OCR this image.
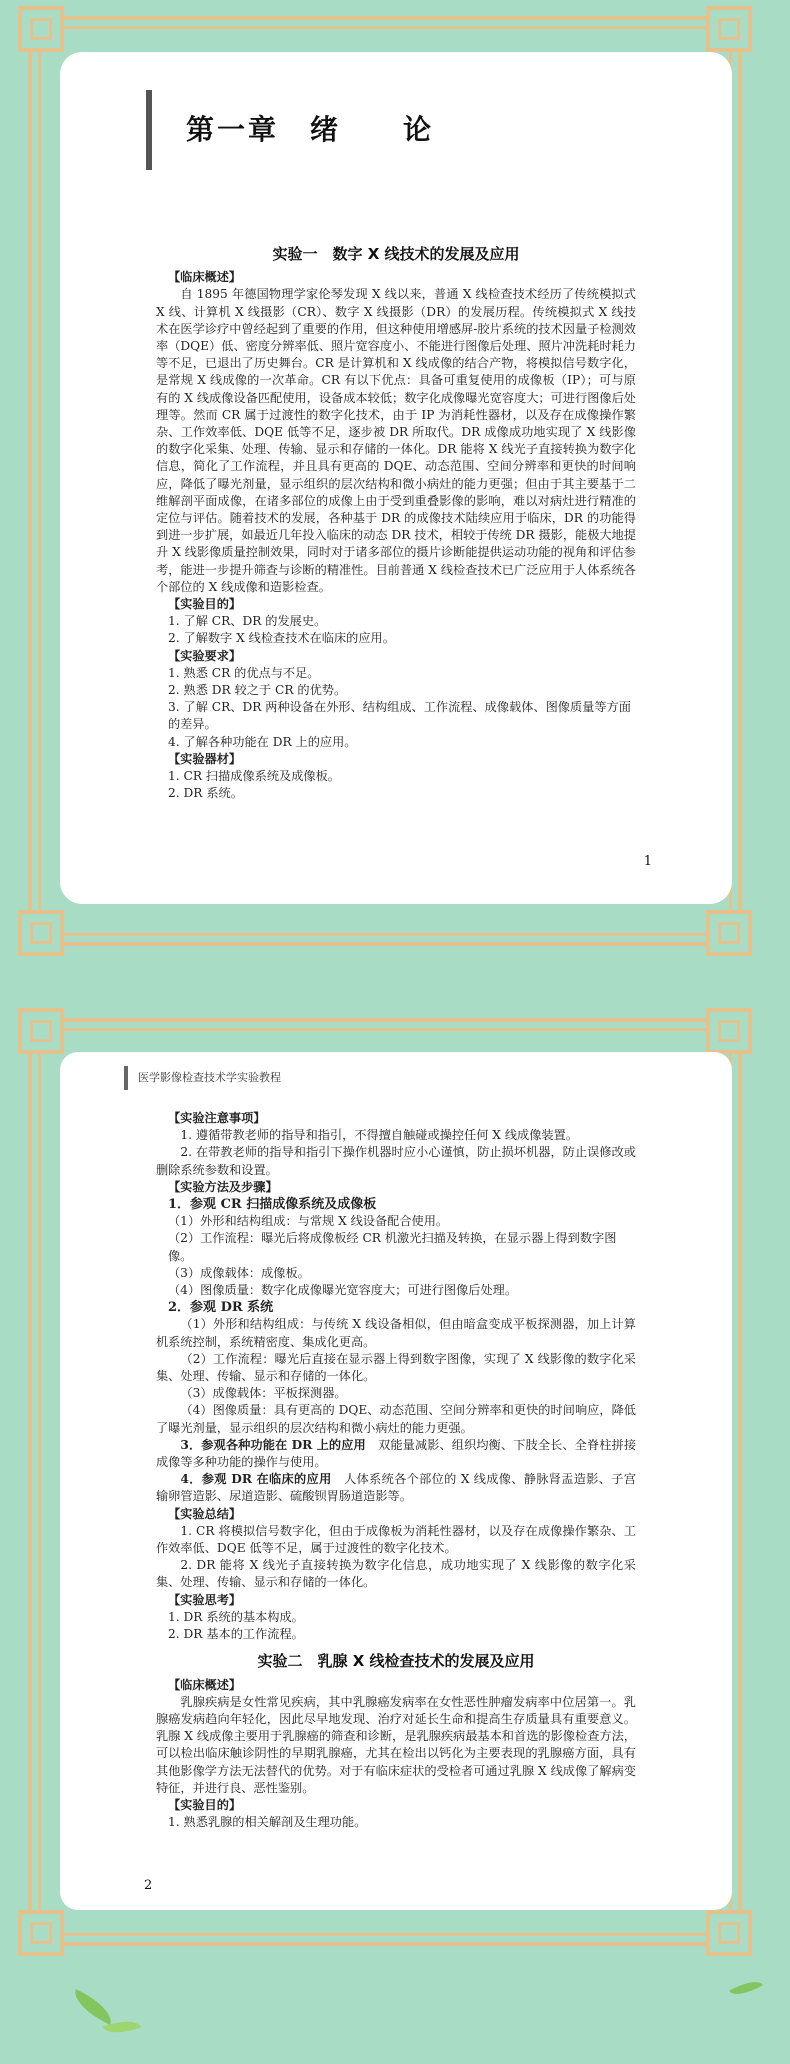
第一章　绪　　论
实验一　数字 X 线技术的发展及应用
【临床概述】
自 1895 年德国物理学家伦琴发现 X 线以来，普通 X 线检查技术经历了传统模拟式 X 线、计算机 X 线摄影（CR）、数字 X 线摄影（DR）的发展历程。传统模拟式 X 线技术在医学诊疗中曾经起到了重要的作用，但这种使用增感屏-胶片系统的技术因量子检测效率（DQE）低、密度分辨率低、照片宽容度小、不能进行图像后处理、照片冲洗耗时耗力等不足，已退出了历史舞台。CR 是计算机和 X 线成像的结合产物，将模拟信号数字化，是常规 X 线成像的一次革命。CR 有以下优点：具备可重复使用的成像板（IP）；可与原有的 X 线成像设备匹配使用，设备成本较低；数字化成像曝光宽容度大；可进行图像后处理等。然而 CR 属于过渡性的数字化技术，由于 IP 为消耗性器材，以及存在成像操作繁杂、工作效率低、DQE 低等不足，逐步被 DR 所取代。DR 成像成功地实现了 X 线影像的数字化采集、处理、传输、显示和存储的一体化。DR 能将 X 线光子直接转换为数字化信息，简化了工作流程，并且具有更高的 DQE、动态范围、空间分辨率和更快的时间响应，降低了曝光剂量，显示组织的层次结构和微小病灶的能力更强；但由于其主要基于二维解剖平面成像，在诸多部位的成像上由于受到重叠影像的影响，难以对病灶进行精准的定位与评估。随着技术的发展，各种基于 DR 的成像技术陆续应用于临床，DR 的功能得到进一步扩展，如最近几年投入临床的动态 DR 技术，相较于传统 DR 摄影，能极大地提升 X 线影像质量控制效果，同时对于诸多部位的摄片诊断能提供运动功能的视角和评估参考，能进一步提升筛查与诊断的精准性。目前普通 X 线检查技术已广泛应用于人体系统各个部位的 X 线成像和造影检查。
【实验目的】
1. 了解 CR、DR 的发展史。
2. 了解数字 X 线检查技术在临床的应用。
【实验要求】
1. 熟悉 CR 的优点与不足。
2. 熟悉 DR 较之于 CR 的优势。
3. 了解 CR、DR 两种设备在外形、结构组成、工作流程、成像载体、图像质量等方面的差异。
4. 了解各种功能在 DR 上的应用。
【实验器材】
1. CR 扫描成像系统及成像板。
2. DR 系统。
1
医学影像检查技术学实验教程
【实验注意事项】
1. 遵循带教老师的指导和指引，不得擅自触碰或操控任何 X 线成像装置。
2. 在带教老师的指导和指引下操作机器时应小心谨慎，防止损坏机器，防止误修改或删除系统参数和设置。
【实验方法及步骤】
1．参观 CR 扫描成像系统及成像板
（1）外形和结构组成：与常规 X 线设备配合使用。
（2）工作流程：曝光后将成像板经 CR 机激光扫描及转换，在显示器上得到数字图像。
（3）成像载体：成像板。
（4）图像质量：数字化成像曝光宽容度大；可进行图像后处理。
2．参观 DR 系统
（1）外形和结构组成：与传统 X 线设备相似，但由暗盒变成平板探测器，加上计算机系统控制，系统精密度、集成化更高。
（2）工作流程：曝光后直接在显示器上得到数字图像，实现了 X 线影像的数字化采集、处理、传输、显示和存储的一体化。
（3）成像载体：平板探测器。
（4）图像质量：具有更高的 DQE、动态范围、空间分辨率和更快的时间响应，降低了曝光剂量，显示组织的层次结构和微小病灶的能力更强。
3．参观各种功能在 DR 上的应用　 双能量减影、组织均衡、下肢全长、全脊柱拼接成像等多种功能的操作与使用。
4．参观 DR 在临床的应用　 人体系统各个部位的 X 线成像、静脉肾盂造影、子宫输卵管造影、尿道造影、硫酸钡胃肠道造影等。
【实验总结】
1. CR 将模拟信号数字化，但由于成像板为消耗性器材，以及存在成像操作繁杂、工作效率低、DQE 低等不足，属于过渡性的数字化技术。
2. DR 能将 X 线光子直接转换为数字化信息，成功地实现了 X 线影像的数字化采集、处理、传输、显示和存储的一体化。
【实验思考】
1. DR 系统的基本构成。
2. DR 基本的工作流程。
实验二　乳腺 X 线检查技术的发展及应用
【临床概述】
乳腺疾病是女性常见疾病，其中乳腺癌发病率在女性恶性肿瘤发病率中位居第一。乳腺癌发病趋向年轻化，因此尽早地发现、治疗对延长生命和提高生存质量具有重要意义。乳腺 X 线成像主要用于乳腺癌的筛查和诊断，是乳腺疾病最基本和首选的影像检查方法，可以检出临床触诊阴性的早期乳腺癌，尤其在检出以钙化为主要表现的乳腺癌方面，具有其他影像学方法无法替代的优势。对于有临床症状的受检者可通过乳腺 X 线成像了解病变特征，并进行良、恶性鉴别。
【实验目的】
1. 熟悉乳腺的相关解剖及生理功能。
2
